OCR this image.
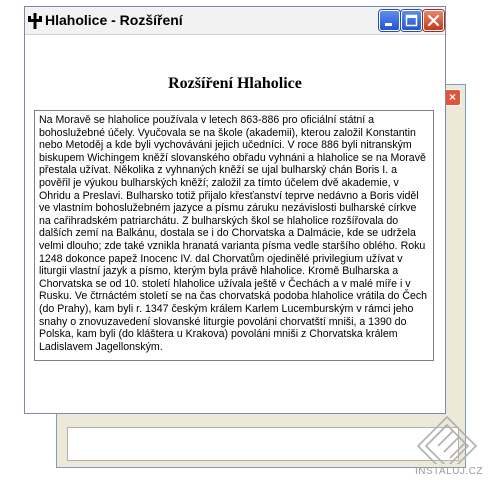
×
Hlaholice - Rozšíření
Rozšíření Hlaholice
Na Moravě se hlaholice používala v letech 863-886 pro oficiální státní a bohoslužebné účely. Vyučovala se na škole (akademii), kterou založil Konstantin nebo Metoděj a kde byli vychováváni jejich učedníci. V roce 886 byli nitranským biskupem Wichingem kněží slovanského obřadu vyhnáni a hlaholice se na Moravě přestala užívat. Několika z vyhnaných kněží se ujal bulharský chán Boris I. a pověřil je výukou bulharských kněží; založil za tímto účelem dvě akademie, v Ohridu a Preslavi. Bulharsko totiž přijalo křesťanství teprve nedávno a Boris viděl ve vlastním bohoslužebném jazyce a písmu záruku nezávislosti bulharské církve na cařihradském patriarchátu. Z bulharských škol se hlaholice rozšířovala do dalších zemí na Balkánu, dostala se i do Chorvatska a Dalmácie, kde se udržela velmi dlouho; zde také vznikla hranatá varianta písma vedle staršího oblého. Roku 1248 dokonce papež Inocenc IV. dal Chorvatům ojedinělé privilegium užívat v liturgii vlastní jazyk a písmo, kterým byla právě hlaholice. Kromě Bulharska a Chorvatska se od 10. století hlaholice užívala ještě v Čechách a v malé míře i v Rusku. Ve čtrnáctém století se na čas chorvatská podoba hlaholice vrátila do Čech (do Prahy), kam byli r. 1347 českým králem Karlem Lucemburským v rámci jeho snahy o znovuzavedení slovanské liturgie povoláni chorvatští mniši, a 1390 do Polska, kam byli (do kláštera u Krakova) povoláni mniši z Chorvatska králem Ladislavem Jagellonským.
INSTALUJ.CZ
